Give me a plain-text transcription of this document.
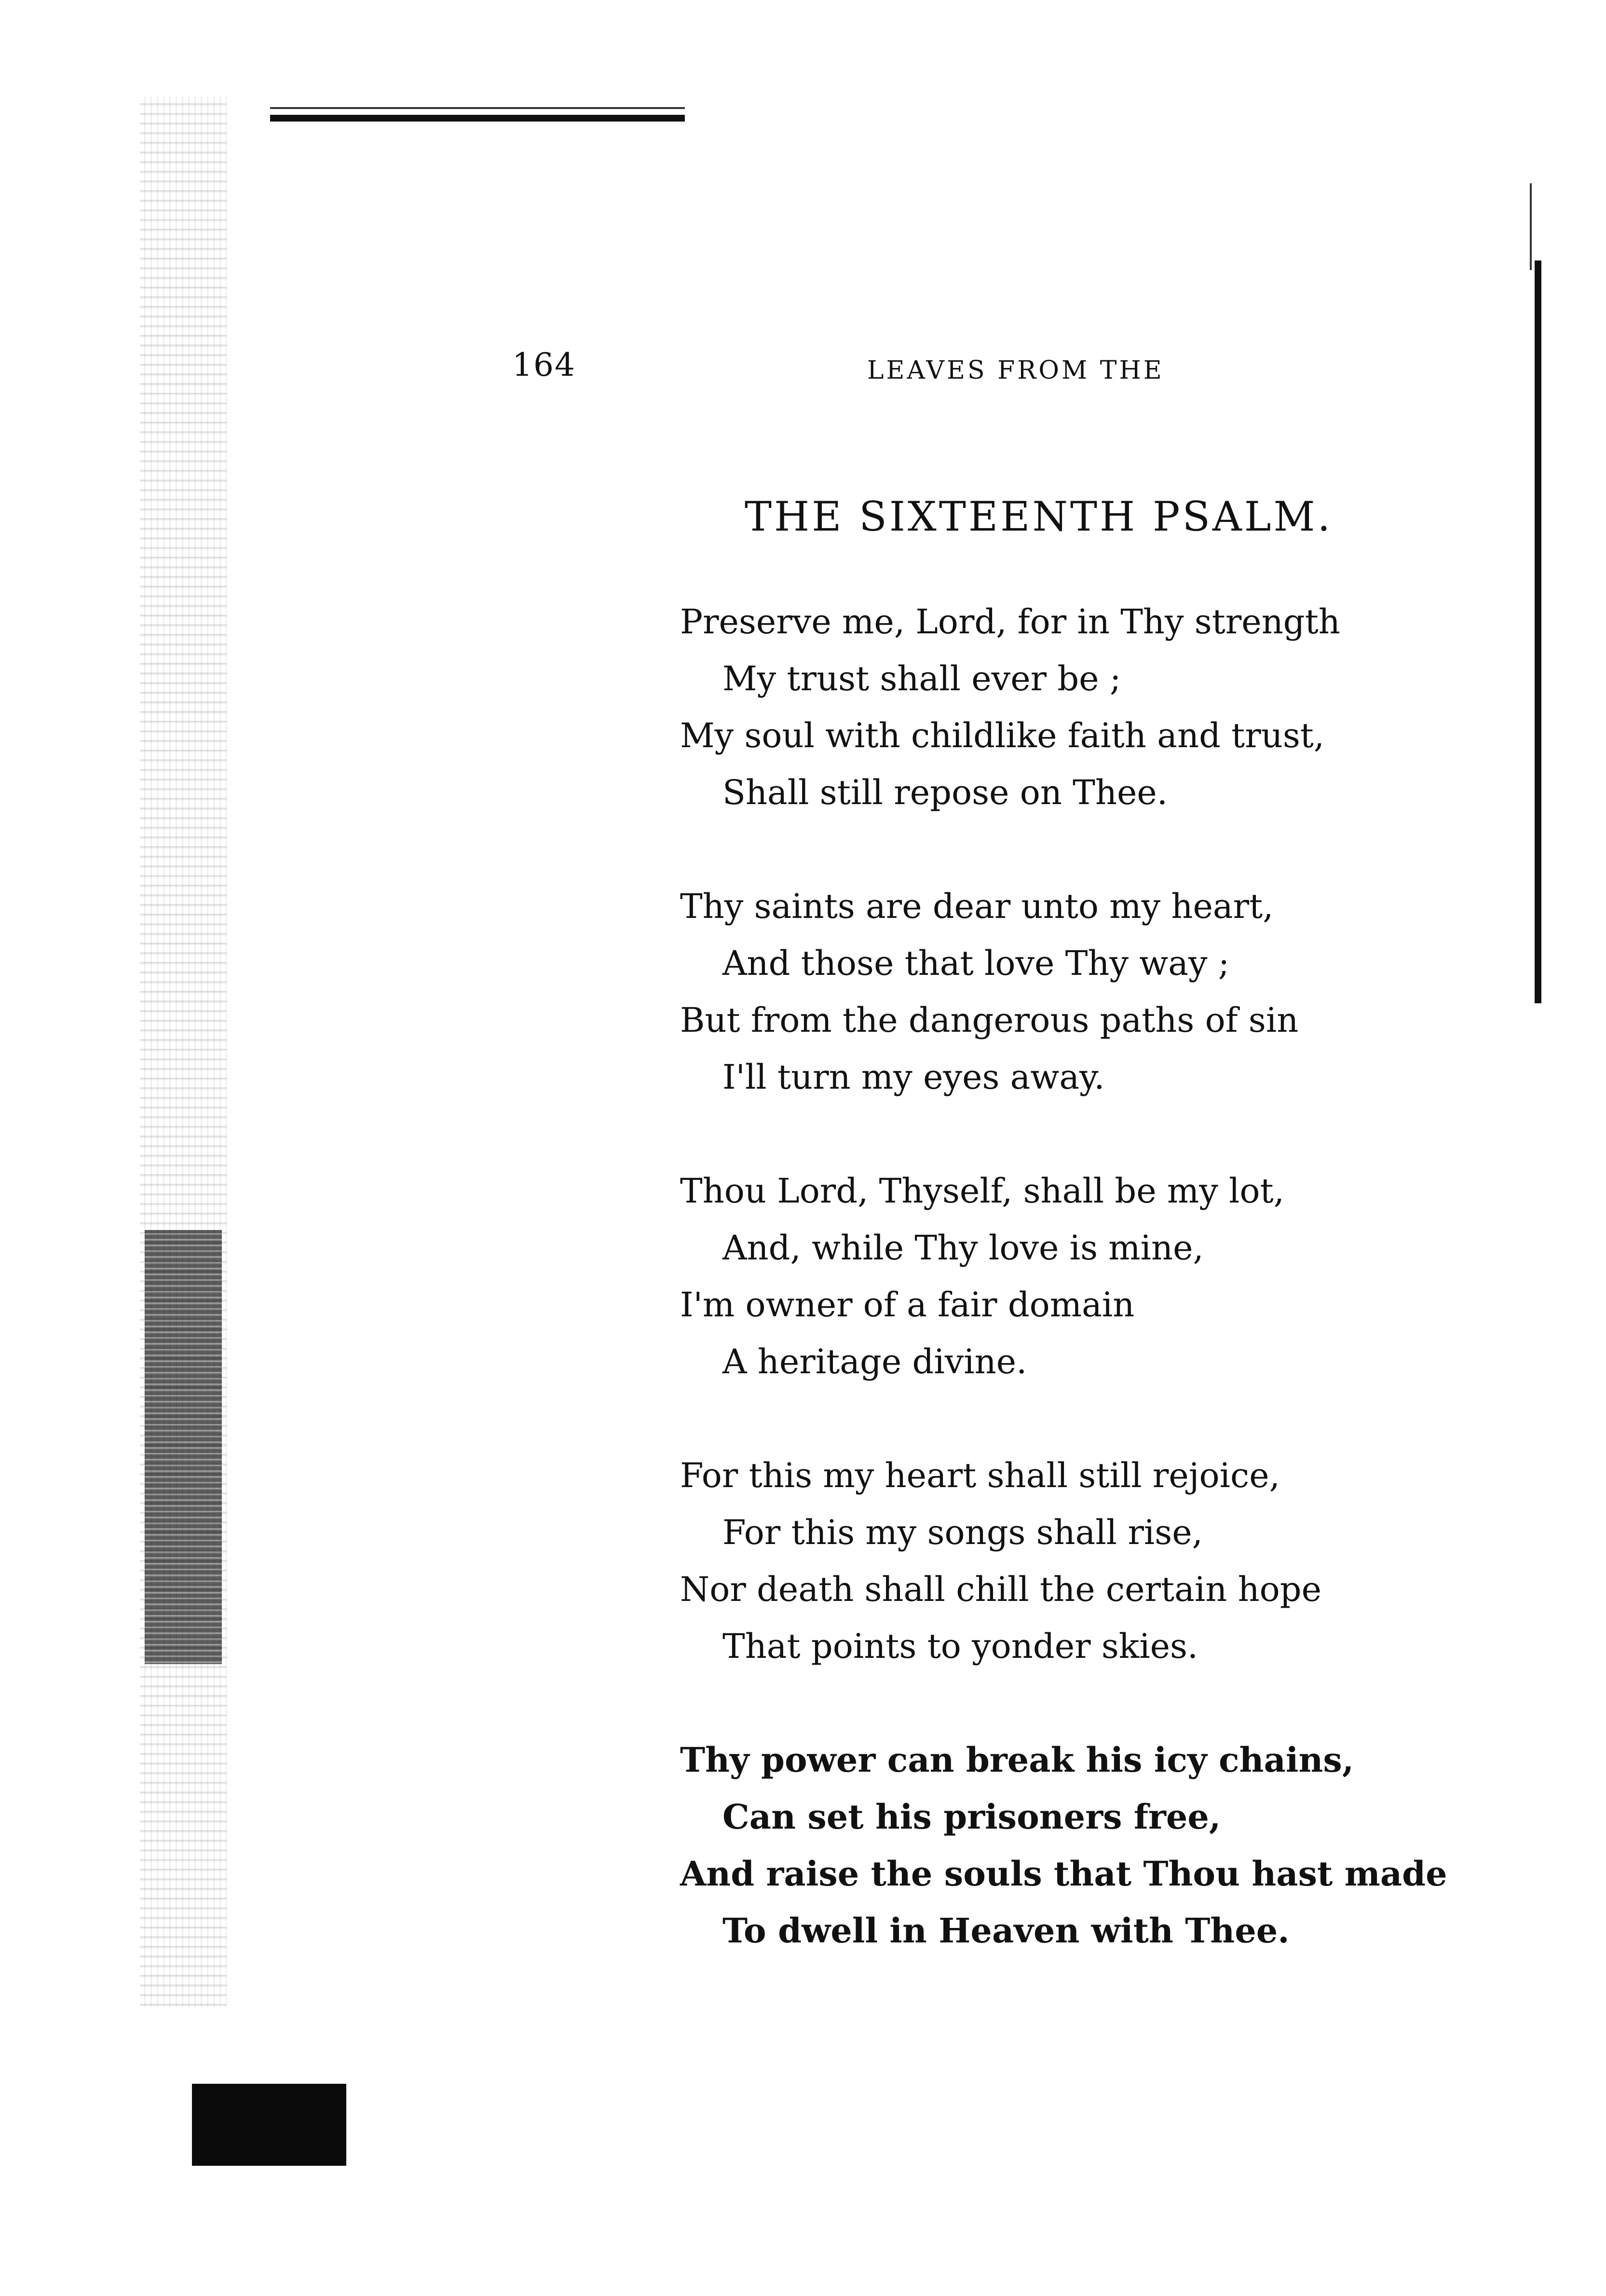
164	LEAVES FROM THE
THE SIXTEENTH PSALM.
Preserve me, Lord, for in Thy strength
My trust shall ever be ;
My soul with childlike faith and trust,
Shall still repose on Thee.
Thy saints are dear unto my heart,
And those that love Thy way ;
But from the dangerous paths of sin
I'll turn my eyes away.
Thou Lord, Thyself, shall be my lot,
And, while Thy love is mine,
I'm owner of a fair domain
A heritage divine.
For this my heart shall still rejoice,
For this my songs shall rise,
Nor death shall chill the certain hope
That points to yonder skies.
Thy power can break his icy chains,
Can set his prisoners free,
And raise the souls that Thou hast made
To dwell in Heaven with Thee.
